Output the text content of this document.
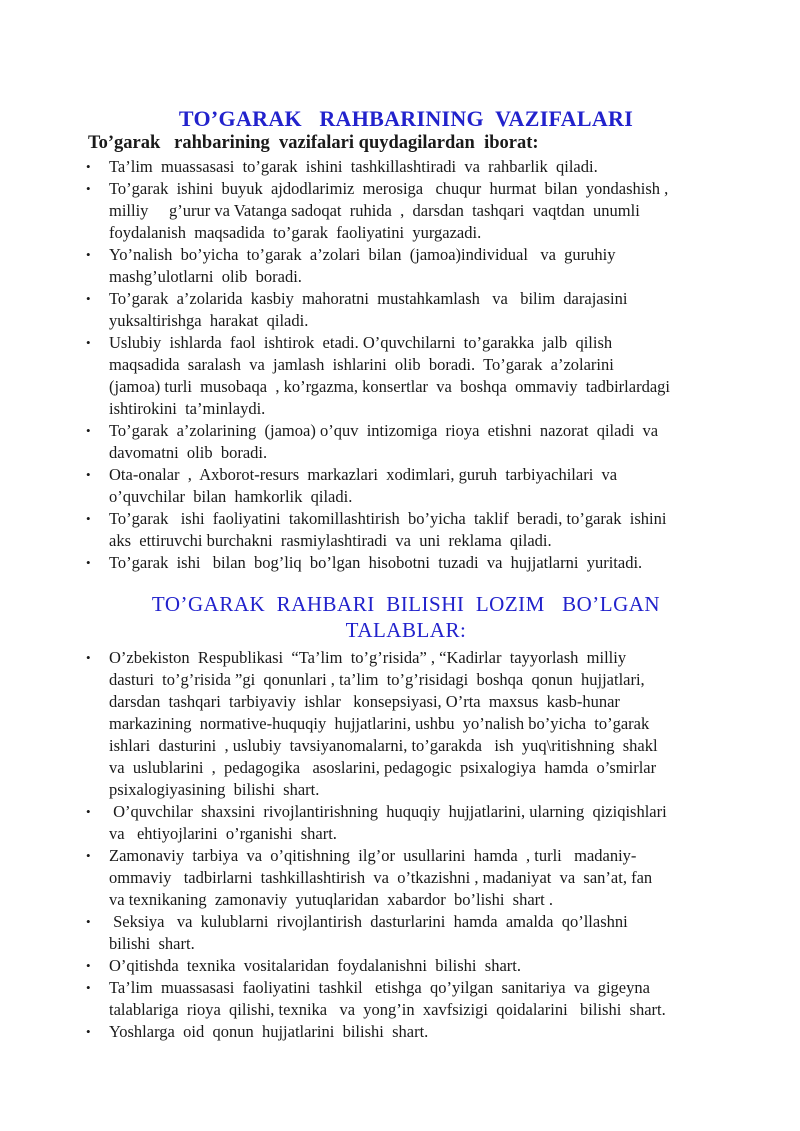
TO’GARAK   RAHBARINING  VAZIFALARI
To’garak   rahbarining  vazifalari quydagilardan  iborat:
• Ta’lim  muassasasi  to’garak  ishini  tashkillashtiradi  va  rahbarlik  qiladi.
• To’garak  ishini  buyuk  ajdodlarimiz  merosiga   chuqur  hurmat  bilan  yondashish ,
milliy     g’urur va Vatanga sadoqat  ruhida  ,  darsdan  tashqari  vaqtdan  unumli
foydalanish  maqsadida  to’garak  faoliyatini  yurgazadi.
• Yo’nalish  bo’yicha  to’garak  a’zolari  bilan  (jamoa)individual   va  guruhiy
mashg’ulotlarni  olib  boradi.
• To’garak  a’zolarida  kasbiy  mahoratni  mustahkamlash   va   bilim  darajasini
yuksaltirishga  harakat  qiladi.
• Uslubiy  ishlarda  faol  ishtirok  etadi. O’quvchilarni  to’garakka  jalb  qilish
maqsadida  saralash  va  jamlash  ishlarini  olib  boradi.  To’garak  a’zolarini
(jamoa) turli  musobaqa  , ko’rgazma, konsertlar  va  boshqa  ommaviy  tadbirlardagi
ishtirokini  ta’minlaydi.
• To’garak  a’zolarining  (jamoa) o’quv  intizomiga  rioya  etishni  nazorat  qiladi  va
davomatni  olib  boradi.
• Ota-onalar  ,  Axborot-resurs  markazlari  xodimlari, guruh  tarbiyachilari  va
o’quvchilar  bilan  hamkorlik  qiladi.
• To’garak   ishi  faoliyatini  takomillashtirish  bo’yicha  taklif  beradi, to’garak  ishini
aks  ettiruvchi burchakni  rasmiylashtiradi  va  uni  reklama  qiladi.
• To’garak  ishi   bilan  bog’liq  bo’lgan  hisobotni  tuzadi  va  hujjatlarni  yuritadi.
TO’GARAK  RAHBARI  BILISHI  LOZIM   BO’LGAN
TALABLAR:
• O’zbekiston  Respublikasi  “Ta’lim  to’g’risida” , “Kadirlar  tayyorlash  milliy
dasturi  to’g’risida ”gi  qonunlari , ta’lim  to’g’risidagi  boshqa  qonun  hujjatlari,
darsdan  tashqari  tarbiyaviy  ishlar   konsepsiyasi, O’rta  maxsus  kasb-hunar
markazining  normative-huquqiy  hujjatlarini, ushbu  yo’nalish bo’yicha  to’garak
ishlari  dasturini  , uslubiy  tavsiyanomalarni, to’garakda   ish  yuq\ritishning  shakl
va  uslublarini  ,  pedagogika   asoslarini, pedagogic  psixalogiya  hamda  o’smirlar
psixalogiyasining  bilishi  shart.
• O’quvchilar  shaxsini  rivojlantirishning  huquqiy  hujjatlarini, ularning  qiziqishlari
va   ehtiyojlarini  o’rganishi  shart.
• Zamonaviy  tarbiya  va  o’qitishning  ilg’or  usullarini  hamda  , turli   madaniy-
ommaviy   tadbirlarni  tashkillashtirish  va  o’tkazishni , madaniyat  va  san’at, fan
va texnikaning  zamonaviy  yutuqlaridan  xabardor  bo’lishi  shart .
• Seksiya   va  kulublarni  rivojlantirish  dasturlarini  hamda  amalda  qo’llashni
bilishi  shart.
• O’qitishda  texnika  vositalaridan  foydalanishni  bilishi  shart.
• Ta’lim  muassasasi  faoliyatini  tashkil   etishga  qo’yilgan  sanitariya  va  gigeyna
talablariga  rioya  qilishi, texnika   va  yong’in  xavfsizigi  qoidalarini   bilishi  shart.
• Yoshlarga  oid  qonun  hujjatlarini  bilishi  shart.
